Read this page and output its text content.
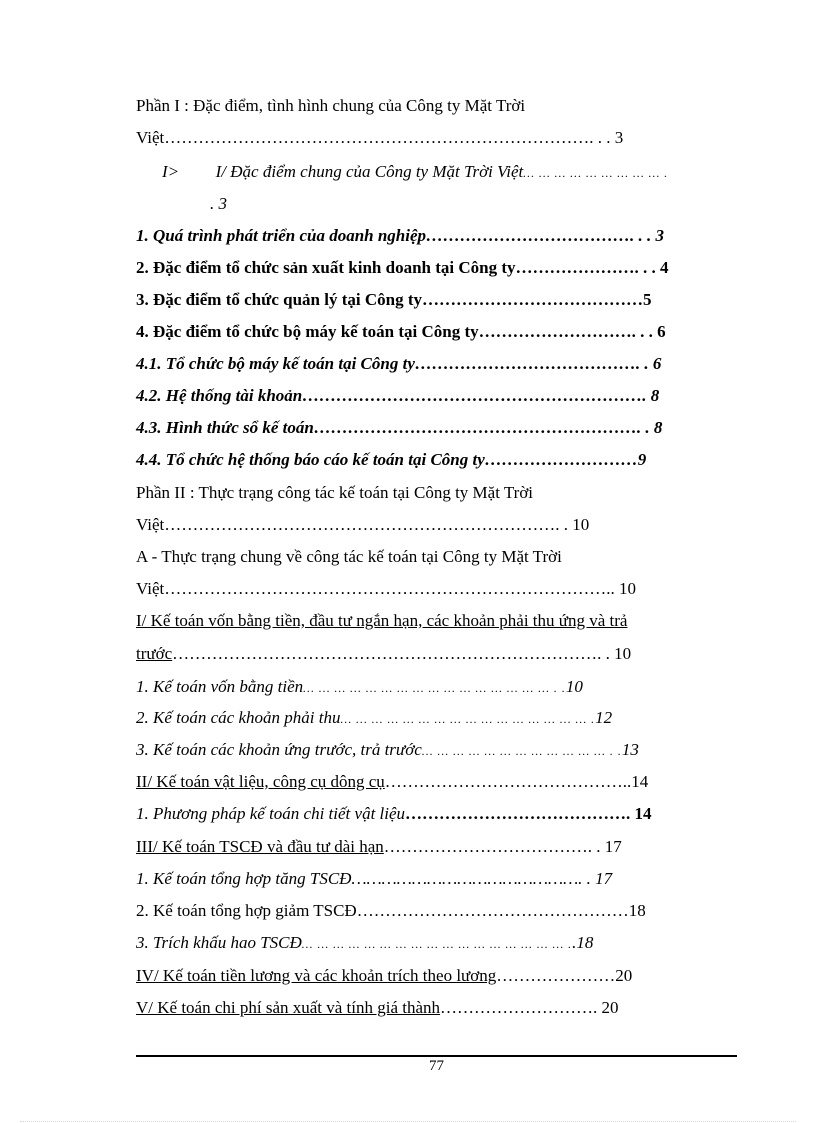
Phần I : Đặc điểm, tình hình chung của Công ty Mặt Trời
Việt…………………………………………………………………. . . 3
I> I/ Đặc điểm chung của Công ty Mặt Trời Việt… … … … … … … … … .
. 3
1. Quá trình phát triển của doanh nghiệp………………………………. . . 3
2. Đặc điểm tổ chức sản xuất kinh doanh tại Công ty…………………. . . 4
3. Đặc điểm tổ chức quản lý tại Công ty…………………………………5
4. Đặc điểm tổ chức bộ máy kế toán tại Công ty………………………. . . 6
4.1. Tổ chức bộ máy kế toán tại Công ty…………………………………. . 6
4.2. Hệ thống tài khoản……………………………………………………. 8
4.3. Hình thức sổ kế toán…………………………………………………. . 8
4.4. Tổ chức hệ thống báo cáo kế toán tại Công ty………………………9
Phần II : Thực trạng công tác kế toán tại Công ty Mặt Trời
Việt……………………………………………………………. . 10
A - Thực trạng chung về công tác kế toán tại Công ty Mặt Trời
Việt…………………………………………………………………….. 10
I/ Kế toán vốn bằng tiền, đầu tư ngắn hạn, các khoản phải thu ứng và trả
trước…………………………………………………………………. . 10
1. Kế toán vốn bằng tiền… … … … … … … … … … … … … … … … . .10
2. Kế toán các khoản phải thu… … … … … … … … … … … … … … … … .12
3. Kế toán các khoản ứng trước, trả trước… … … … … … … … … … … … . .13
II/ Kế toán vật liệu, công cụ dông cụ……………………………………..14
1. Phương pháp kế toán chi tiết vật liệu…………………………………. 14
III/ Kế toán TSCĐ và đầu tư dài hạn………………………………. . 17
1. Kế toán tổng hợp tăng TSCĐ………………………………………. . 17
2. Kế toán tổng hợp giảm TSCĐ…………………………………………18
3. Trích khấu hao TSCĐ… … … … … … … … … … … … … … … … … ..18
IV/ Kế toán tiền lương và các khoản trích theo lương…………………20
V/ Kế toán chi phí sản xuất và tính giá thành………………………. 20
77
